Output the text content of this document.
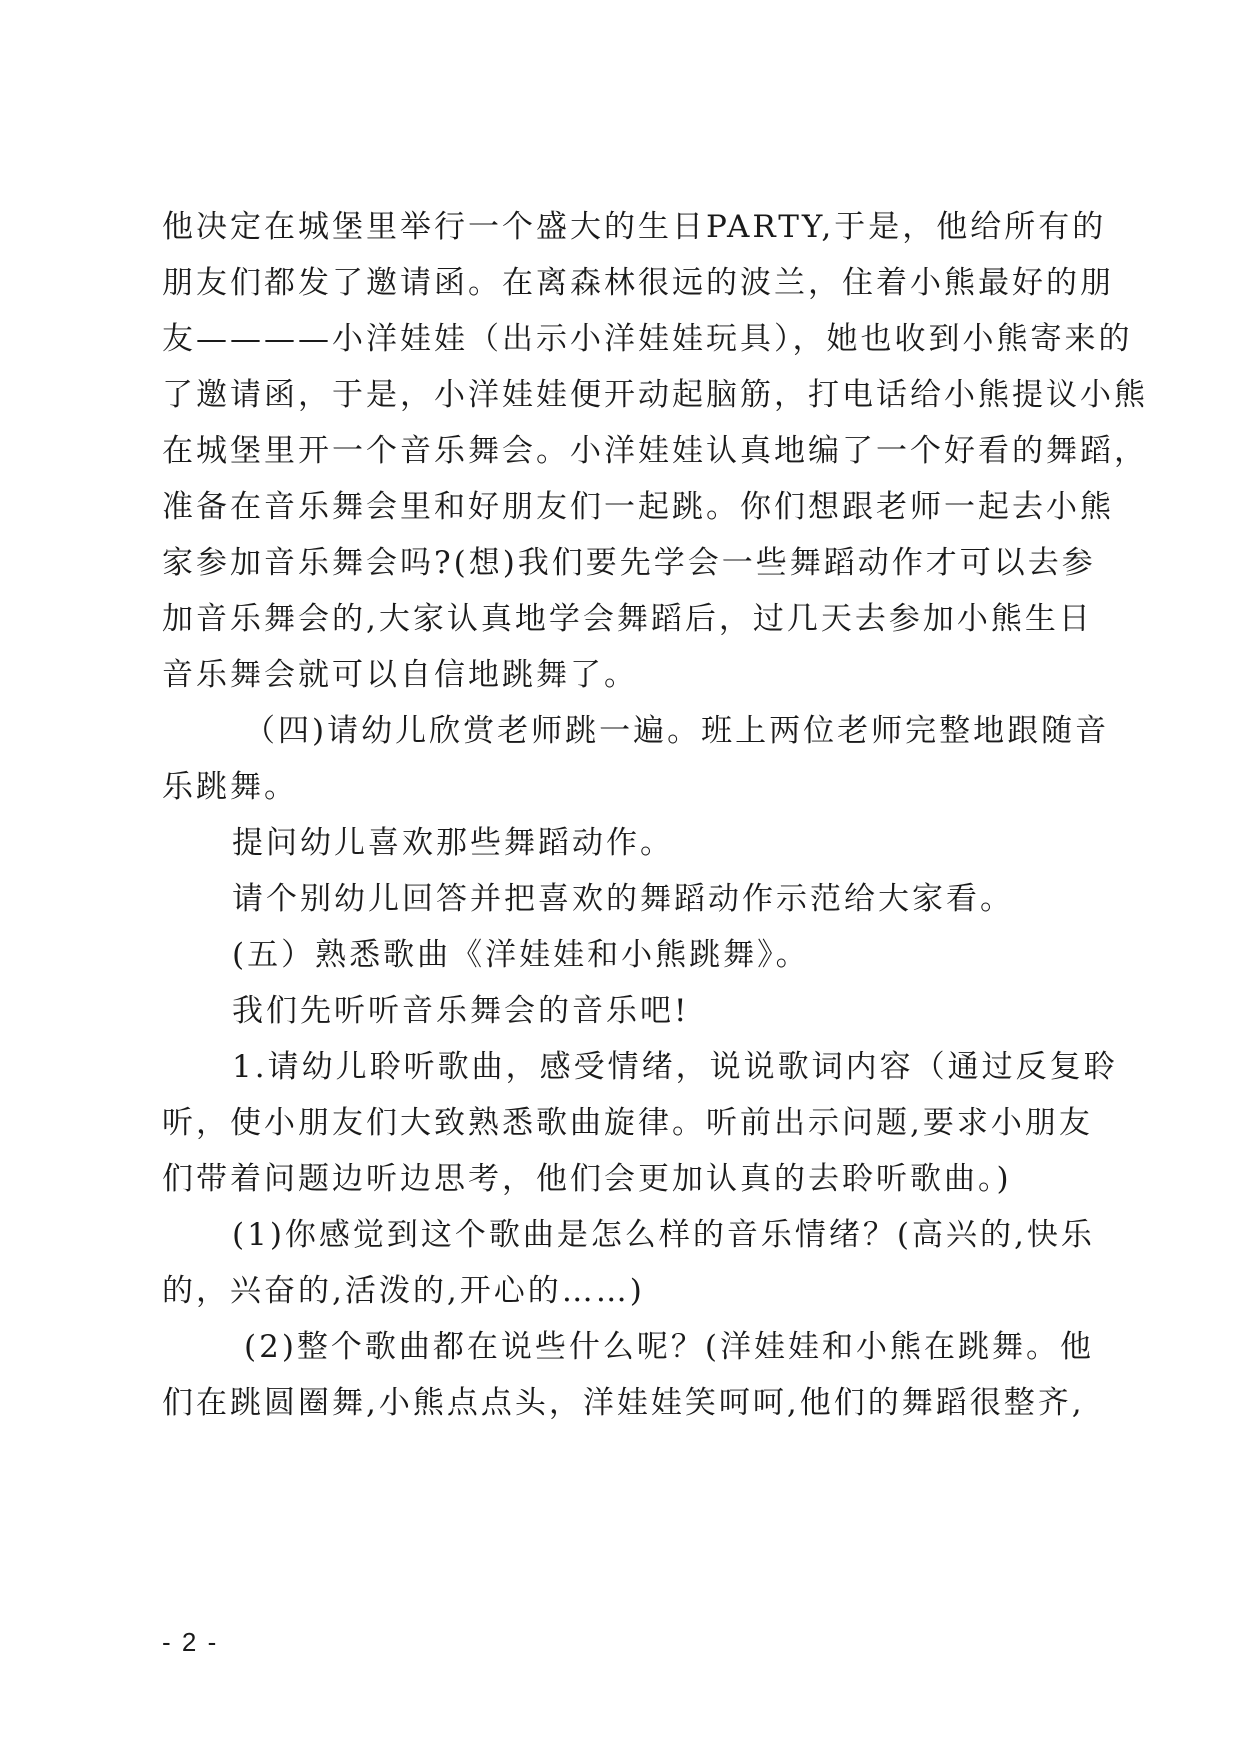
他决定在城堡里举行一个盛大的生日PARTY,于是，他给所有的
朋友们都发了邀请函。在离森林很远的波兰，住着小熊最好的朋
友————小洋娃娃（出示小洋娃娃玩具），她也收到小熊寄来的
了邀请函，于是，小洋娃娃便开动起脑筋，打电话给小熊提议小熊
在城堡里开一个音乐舞会。小洋娃娃认真地编了一个好看的舞蹈，
准备在音乐舞会里和好朋友们一起跳。你们想跟老师一起去小熊
家参加音乐舞会吗?(想)我们要先学会一些舞蹈动作才可以去参
加音乐舞会的,大家认真地学会舞蹈后，过几天去参加小熊生日
音乐舞会就可以自信地跳舞了。
（四)请幼儿欣赏老师跳一遍。班上两位老师完整地跟随音
乐跳舞。
提问幼儿喜欢那些舞蹈动作。
请个别幼儿回答并把喜欢的舞蹈动作示范给大家看。
(五）熟悉歌曲《洋娃娃和小熊跳舞》。
我们先听听音乐舞会的音乐吧!
1.请幼儿聆听歌曲，感受情绪，说说歌词内容（通过反复聆
听，使小朋友们大致熟悉歌曲旋律。听前出示问题,要求小朋友
们带着问题边听边思考，他们会更加认真的去聆听歌曲。)
(1)你感觉到这个歌曲是怎么样的音乐情绪？(高兴的,快乐
的，兴奋的,活泼的,开心的……)
(2)整个歌曲都在说些什么呢？(洋娃娃和小熊在跳舞。他
们在跳圆圈舞,小熊点点头，洋娃娃笑呵呵,他们的舞蹈很整齐,
- 2 -
